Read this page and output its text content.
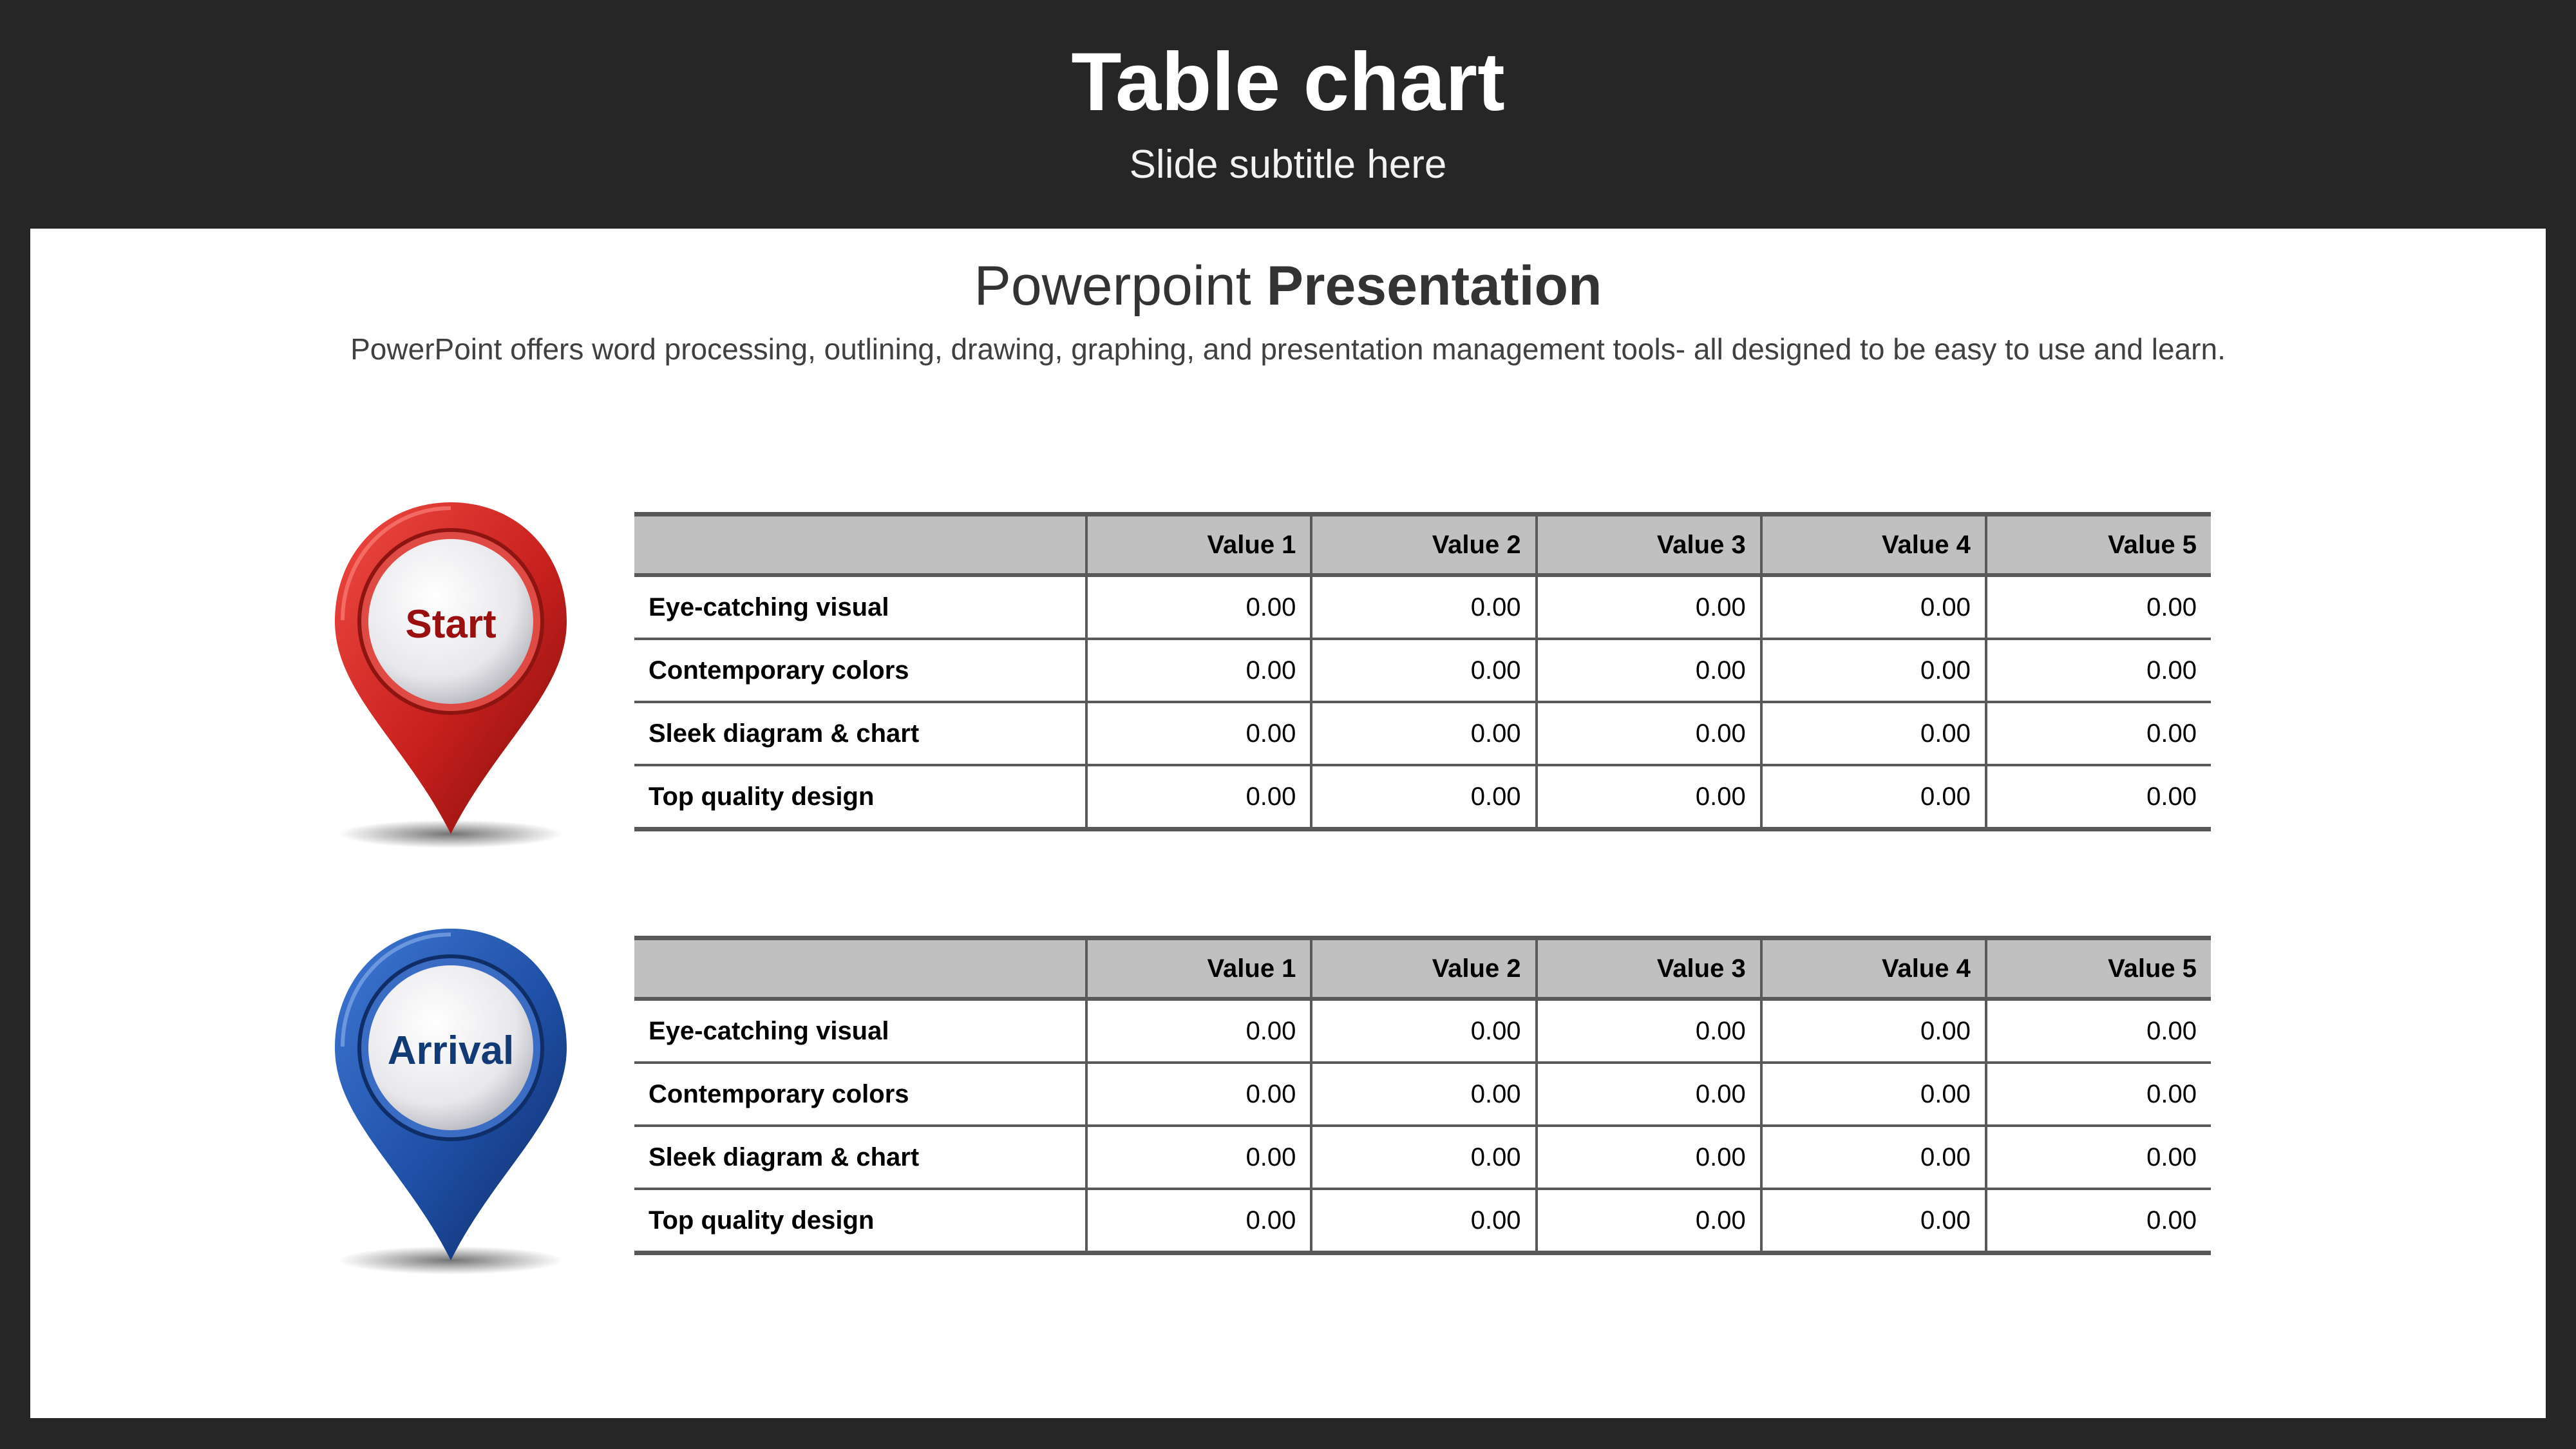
Table chart
Slide subtitle here
Powerpoint Presentation
PowerPoint offers word processing, outlining, drawing, graphing, and presentation management tools- all designed to be easy to use and learn.
Start
Arrival
	Value 1	Value 2	Value 3	Value 4	Value 5
Eye-catching visual	0.00	0.00	0.00	0.00	0.00
Contemporary colors	0.00	0.00	0.00	0.00	0.00
Sleek diagram & chart	0.00	0.00	0.00	0.00	0.00
Top quality design	0.00	0.00	0.00	0.00	0.00
	Value 1	Value 2	Value 3	Value 4	Value 5
Eye-catching visual	0.00	0.00	0.00	0.00	0.00
Contemporary colors	0.00	0.00	0.00	0.00	0.00
Sleek diagram & chart	0.00	0.00	0.00	0.00	0.00
Top quality design	0.00	0.00	0.00	0.00	0.00
